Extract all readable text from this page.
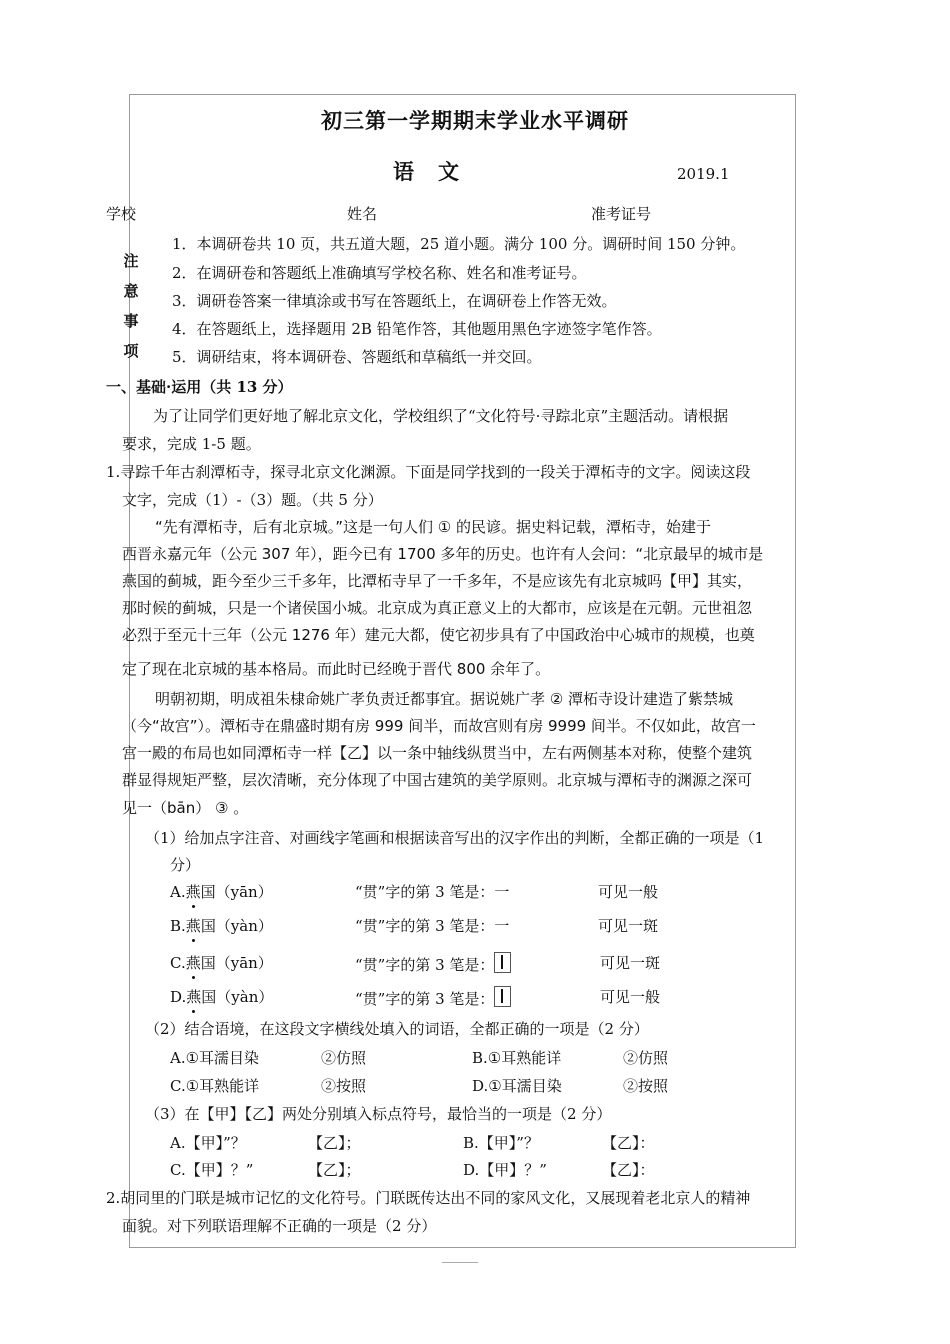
初三第一学期期末学业水平调研
语文	2019.1
学校	姓名	准考证号
注
意
事
项
1．本调研卷共 10 页，共五道大题，25 道小题。满分 100 分。调研时间 150 分钟。
2．在调研卷和答题纸上准确填写学校名称、姓名和准考证号。
3．调研卷答案一律填涂或书写在答题纸上，在调研卷上作答无效。
4．在答题纸上，选择题用 2B 铅笔作答，其他题用黑色字迹签字笔作答。
5．调研结束，将本调研卷、答题纸和草稿纸一并交回。
一、基础·运用（共 13 分）
为了让同学们更好地了解北京文化，学校组织了“文化符号·寻踪北京”主题活动。请根据
要求，完成 1-5 题。
1.寻踪千年古刹潭柘寺，探寻北京文化渊源。下面是同学找到的一段关于潭柘寺的文字。阅读这段
文字，完成（1）-（3）题。（共 5 分）
“先有潭柘寺，后有北京城。”这是一句人们 ① 的民谚。据史料记载，潭柘寺，始建于
西晋永嘉元年（公元 307 年），距今已有 1700 多年的历史。也许有人会问：“北京最早的城市是
燕国的蓟城，距今至少三千多年，比潭柘寺早了一千多年，不是应该先有北京城吗【甲】其实，
那时候的蓟城，只是一个诸侯国小城。北京成为真正意义上的大都市，应该是在元朝。元世祖忽
必烈于至元十三年（公元 1276 年）建元大都，使它初步具有了中国政治中心城市的规模，也奠
定了现在北京城的基本格局。而此时已经晚于晋代 800 余年了。
明朝初期，明成祖朱棣命姚广孝负责迁都事宜。据说姚广孝 ② 潭柘寺设计建造了紫禁城
（今“故宫”）。潭柘寺在鼎盛时期有房 999 间半，而故宫则有房 9999 间半。不仅如此，故宫一
宫一殿的布局也如同潭柘寺一样【乙】以一条中轴线纵贯当中，左右两侧基本对称，使整个建筑
群显得规矩严整，层次清晰，充分体现了中国古建筑的美学原则。北京城与潭柘寺的渊源之深可
见一（bān） ③ 。
（1）给加点字注音、对画线字笔画和根据读音写出的汉字作出的判断，全都正确的一项是（1
分）
A.燕国（yān）	“贯”字的第 3 笔是：一	可见一般
B.燕国（yàn）	“贯”字的第 3 笔是：一	可见一斑
C.燕国（yān）	“贯”字的第 3 笔是：	可见一斑
D.燕国（yàn）	“贯”字的第 3 笔是：	可见一般
（2）结合语境，在这段文字横线处填入的词语，全都正确的一项是（2 分）
A.①耳濡目染	②仿照	B.①耳熟能详	②仿照
C.①耳熟能详	②按照	D.①耳濡目染	②按照
（3）在【甲】【乙】两处分别填入标点符号，最恰当的一项是（2 分）
A.【甲】”？	【乙】；	B.【甲】”？	【乙】：
C.【甲】？”	【乙】；	D.【甲】？”	【乙】：
2.胡同里的门联是城市记忆的文化符号。门联既传达出不同的家风文化，又展现着老北京人的精神
面貌。对下列联语理解不正确的一项是（2 分）
